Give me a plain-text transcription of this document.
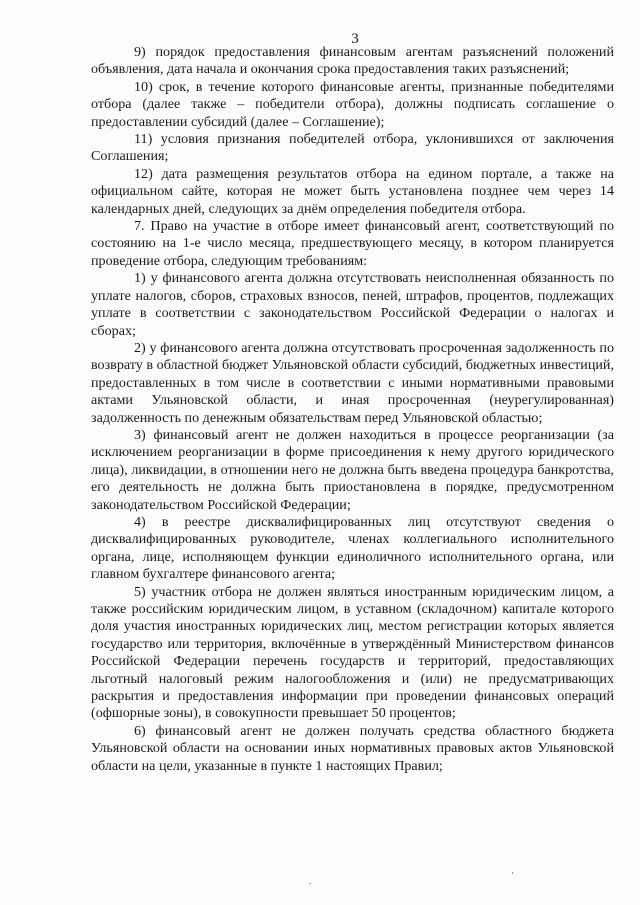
3

9) порядок предоставления финансовым агентам разъяснений положений объявления, дата начала и окончания срока предоставления таких разъяснений;

10) срок, в течение которого финансовые агенты, признанные победителями отбора (далее также – победители отбора), должны подписать соглашение о предоставлении субсидий (далее – Соглашение);

11) условия признания победителей отбора, уклонившихся от заключения Соглашения;

12) дата размещения результатов отбора на едином портале, а также на официальном сайте, которая не может быть установлена позднее чем через 14 календарных дней, следующих за днём определения победителя отбора.

7. Право на участие в отборе имеет финансовый агент, соответствующий по состоянию на 1-е число месяца, предшествующего месяцу, в котором планируется проведение отбора, следующим требованиям:

1) у финансового агента должна отсутствовать неисполненная обязанность по уплате налогов, сборов, страховых взносов, пеней, штрафов, процентов, подлежащих уплате в соответствии с законодательством Российской Федерации о налогах и сборах;

2) у финансового агента должна отсутствовать просроченная задолженность по возврату в областной бюджет Ульяновской области субсидий, бюджетных инвестиций, предоставленных в том числе в соответствии с иными нормативными правовыми актами Ульяновской области, и иная просроченная (неурегулированная) задолженность по денежным обязательствам перед Ульяновской областью;

3) финансовый агент не должен находиться в процессе реорганизации (за исключением реорганизации в форме присоединения к нему другого юридического лица), ликвидации, в отношении него не должна быть введена процедура банкротства, его деятельность не должна быть приостановлена в порядке, предусмотренном законодательством Российской Федерации;

4) в реестре дисквалифицированных лиц отсутствуют сведения о дисквалифицированных руководителе, членах коллегиального исполнительного органа, лице, исполняющем функции единоличного исполнительного органа, или главном бухгалтере финансового агента;

5) участник отбора не должен являться иностранным юридическим лицом, а также российским юридическим лицом, в уставном (складочном) капитале которого доля участия иностранных юридических лиц, местом регистрации которых является государство или территория, включённые в утверждённый Министерством финансов Российской Федерации перечень государств и территорий, предоставляющих льготный налоговый режим налогообложения и (или) не предусматривающих раскрытия и предоставления информации при проведении финансовых операций (офшорные зоны), в совокупности превышает 50 процентов;

6) финансовый агент не должен получать средства областного бюджета Ульяновской области на основании иных нормативных правовых актов Ульяновской области на цели, указанные в пункте 1 настоящих Правил;
